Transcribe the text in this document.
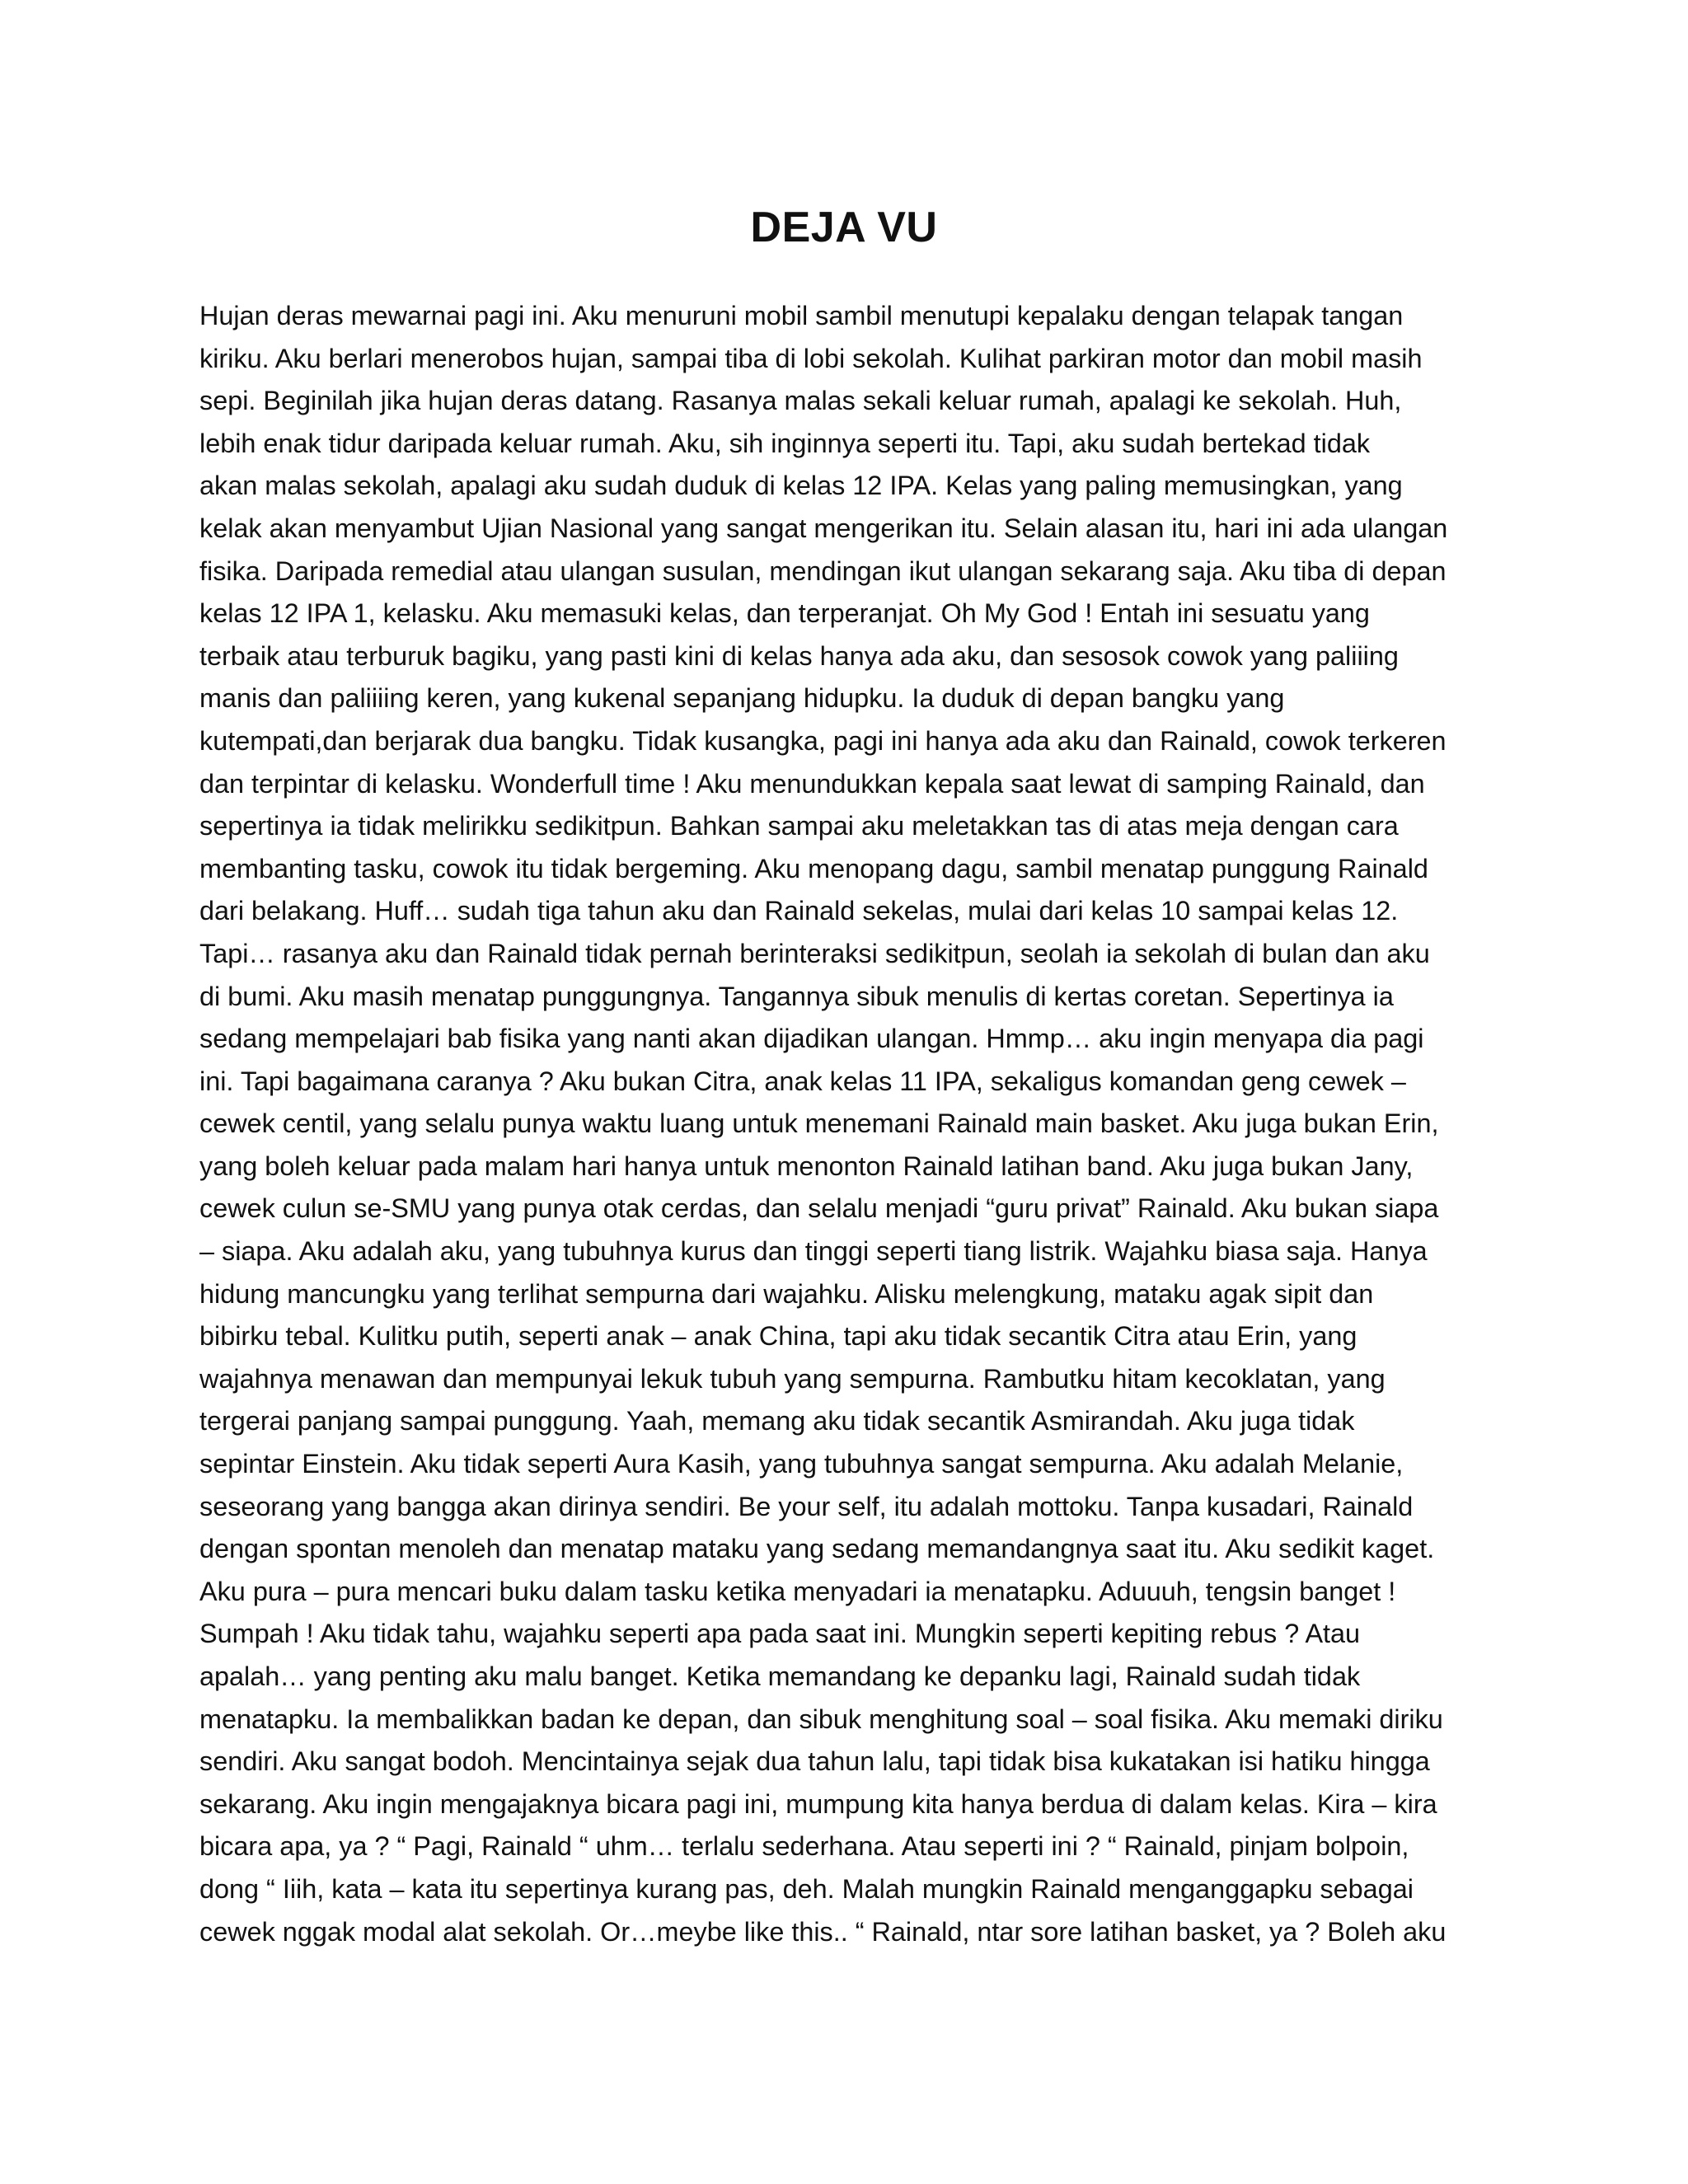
DEJA VU
Hujan deras mewarnai pagi ini. Aku menuruni mobil sambil menutupi kepalaku dengan telapak tangan
kiriku. Aku berlari menerobos hujan, sampai tiba di lobi sekolah. Kulihat parkiran motor dan mobil masih
sepi. Beginilah jika hujan deras datang. Rasanya malas sekali keluar rumah, apalagi ke sekolah. Huh,
lebih enak tidur daripada keluar rumah. Aku, sih inginnya seperti itu. Tapi, aku sudah bertekad tidak
akan malas sekolah, apalagi aku sudah duduk di kelas 12 IPA. Kelas yang paling memusingkan, yang
kelak akan menyambut Ujian Nasional yang sangat mengerikan itu. Selain alasan itu, hari ini ada ulangan
fisika. Daripada remedial atau ulangan susulan, mendingan ikut ulangan sekarang saja. Aku tiba di depan
kelas 12 IPA 1, kelasku. Aku memasuki kelas, dan terperanjat. Oh My God ! Entah ini sesuatu yang
terbaik atau terburuk bagiku, yang pasti kini di kelas hanya ada aku, dan sesosok cowok yang paliiing
manis dan paliiiing keren, yang kukenal sepanjang hidupku. Ia duduk di depan bangku yang
kutempati,dan berjarak dua bangku. Tidak kusangka, pagi ini hanya ada aku dan Rainald, cowok terkeren
dan terpintar di kelasku. Wonderfull time ! Aku menundukkan kepala saat lewat di samping Rainald, dan
sepertinya ia tidak melirikku sedikitpun. Bahkan sampai aku meletakkan tas di atas meja dengan cara
membanting tasku, cowok itu tidak bergeming. Aku menopang dagu, sambil menatap punggung Rainald
dari belakang. Huff… sudah tiga tahun aku dan Rainald sekelas, mulai dari kelas 10 sampai kelas 12.
Tapi… rasanya aku dan Rainald tidak pernah berinteraksi sedikitpun, seolah ia sekolah di bulan dan aku
di bumi. Aku masih menatap punggungnya. Tangannya sibuk menulis di kertas coretan. Sepertinya ia
sedang mempelajari bab fisika yang nanti akan dijadikan ulangan. Hmmp… aku ingin menyapa dia pagi
ini. Tapi bagaimana caranya ? Aku bukan Citra, anak kelas 11 IPA, sekaligus komandan geng cewek –
cewek centil, yang selalu punya waktu luang untuk menemani Rainald main basket. Aku juga bukan Erin,
yang boleh keluar pada malam hari hanya untuk menonton Rainald latihan band. Aku juga bukan Jany,
cewek culun se-SMU yang punya otak cerdas, dan selalu menjadi “guru privat” Rainald. Aku bukan siapa
– siapa. Aku adalah aku, yang tubuhnya kurus dan tinggi seperti tiang listrik. Wajahku biasa saja. Hanya
hidung mancungku yang terlihat sempurna dari wajahku. Alisku melengkung, mataku agak sipit dan
bibirku tebal. Kulitku putih, seperti anak – anak China, tapi aku tidak secantik Citra atau Erin, yang
wajahnya menawan dan mempunyai lekuk tubuh yang sempurna. Rambutku hitam kecoklatan, yang
tergerai panjang sampai punggung. Yaah, memang aku tidak secantik Asmirandah. Aku juga tidak
sepintar Einstein. Aku tidak seperti Aura Kasih, yang tubuhnya sangat sempurna. Aku adalah Melanie,
seseorang yang bangga akan dirinya sendiri. Be your self, itu adalah mottoku. Tanpa kusadari, Rainald
dengan spontan menoleh dan menatap mataku yang sedang memandangnya saat itu. Aku sedikit kaget.
Aku pura – pura mencari buku dalam tasku ketika menyadari ia menatapku. Aduuuh, tengsin banget !
Sumpah ! Aku tidak tahu, wajahku seperti apa pada saat ini. Mungkin seperti kepiting rebus ? Atau
apalah… yang penting aku malu banget. Ketika memandang ke depanku lagi, Rainald sudah tidak
menatapku. Ia membalikkan badan ke depan, dan sibuk menghitung soal – soal fisika. Aku memaki diriku
sendiri. Aku sangat bodoh. Mencintainya sejak dua tahun lalu, tapi tidak bisa kukatakan isi hatiku hingga
sekarang. Aku ingin mengajaknya bicara pagi ini, mumpung kita hanya berdua di dalam kelas. Kira – kira
bicara apa, ya ? “ Pagi, Rainald “ uhm… terlalu sederhana. Atau seperti ini ? “ Rainald, pinjam bolpoin,
dong “ Iiih, kata – kata itu sepertinya kurang pas, deh. Malah mungkin Rainald menganggapku sebagai
cewek nggak modal alat sekolah. Or…meybe like this.. “ Rainald, ntar sore latihan basket, ya ? Boleh aku
